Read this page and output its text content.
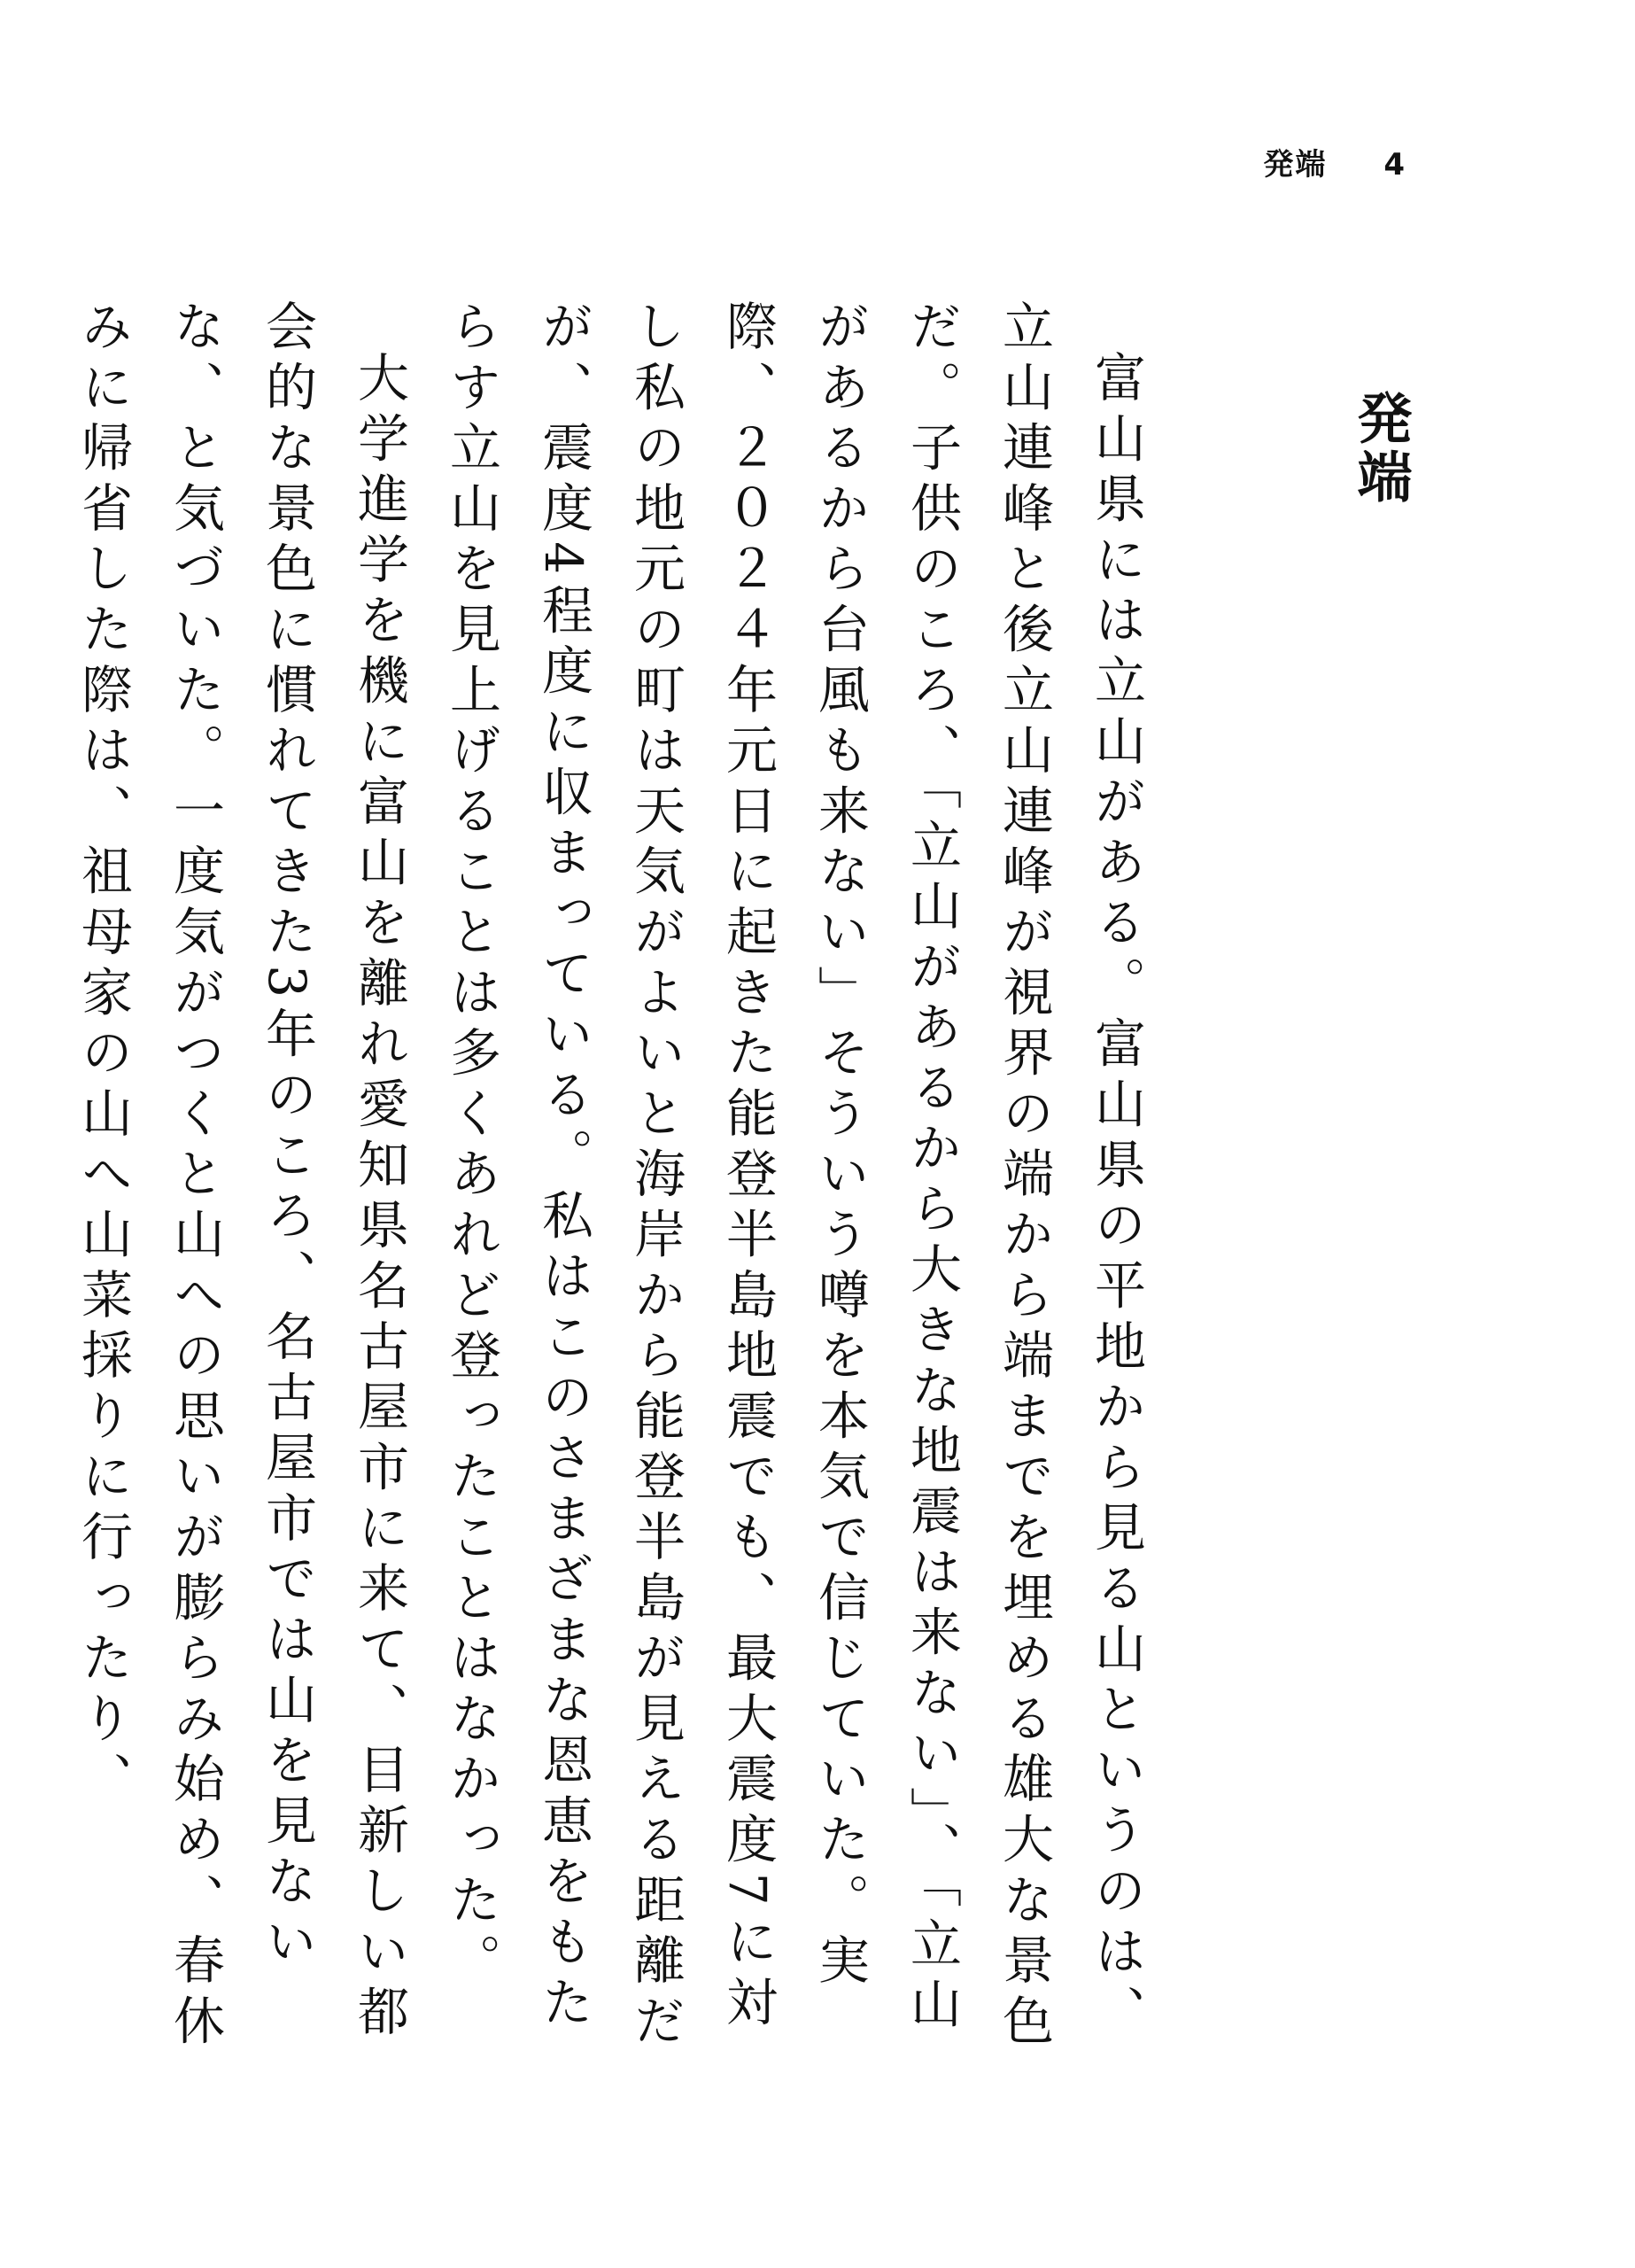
発端 4
発端

富山県には立山がある。富山県の平地から見る山というのは、立山連峰と後立山連峰が視界の端から端までを埋める雄大な景色だ。子供のころ、「立山があるから大きな地震は来ない」、「立山があるから台風も来ない」そういう噂を本気で信じていた。実際、２０２４年元日に起きた能登半島地震でも、最大震度7に対し私の地元の町は天気がよいと海岸から能登半島が見える距離だが、震度4程度に収まっている。私はこのさまざまな恩恵をもたらす立山を見上げることは多くあれど登ったことはなかった。

大学進学を機に富山を離れ愛知県名古屋市に来て、目新しい都会的な景色に慣れてきた3年のころ、名古屋市では山を見ないな、と気づいた。一度気がつくと山への思いが膨らみ始め、春休みに帰省した際は、祖母家の山へ山菜採りに行ったり、
